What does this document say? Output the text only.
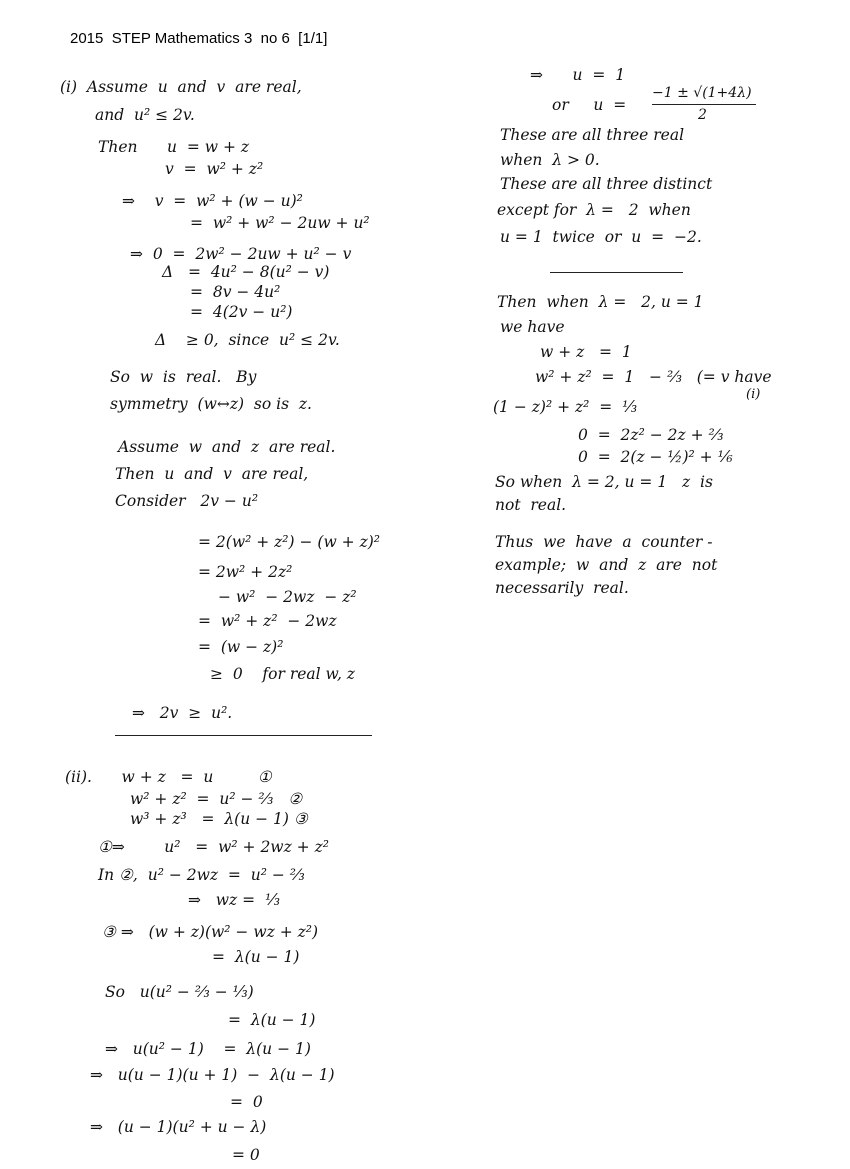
2015  STEP Mathematics 3  no 6  [1/1]
(i)  Assume  u  and  v  are real,
and  u² ≤ 2v.
Then      u  = w + z
v  =  w² + z²
⇒    v  =  w² + (w − u)²
=  w² + w² − 2uw + u²
⇒  0  =  2w² − 2uw + u² − v
Δ   =  4u² − 8(u² − v)
=  8v − 4u²
=  4(2v − u²)
Δ    ≥ 0,  since  u² ≤ 2v.
So  w  is  real.   By
symmetry  (w↔z)  so is  z.
Assume  w  and  z  are real.
Then  u  and  v  are real,
Consider   2v − u²
= 2(w² + z²) − (w + z)²
= 2w² + 2z²
− w²  − 2wz  − z²
=  w² + z²  − 2wz
=  (w − z)²
≥  0    for real w, z
⇒   2v  ≥  u².
(ii).      w + z   =  u         ①
w² + z²  =  u² − ⅔   ②
w³ + z³   =  λ(u − 1) ③
①⇒        u²   =  w² + 2wz + z²
In ②,  u² − 2wz  =  u² − ⅔
⇒   wz =  ⅓
③ ⇒   (w + z)(w² − wz + z²)
=  λ(u − 1)
So   u(u² − ⅔ − ⅓)
=  λ(u − 1)
⇒   u(u² − 1)    =  λ(u − 1)
⇒   u(u − 1)(u + 1)  −  λ(u − 1)
=  0
⇒   (u − 1)(u² + u − λ)
= 0
⇒      u  =  1
or     u  =
−1 ± √(1+4λ)
2
These are all three real
when  λ > 0.
These are all three distinct
except for  λ =   2  when
u = 1  twice  or  u  =  −2.
Then  when  λ =   2, u = 1
we have
w + z   =  1
w² + z²  =  1   − ⅔   (= v have
(i)
(1 − z)² + z²  =  ⅓
0  =  2z² − 2z + ⅔
0  =  2(z − ½)² + ⅙
So when  λ = 2, u = 1   z  is
not  real.
Thus  we  have  a  counter -
example;  w  and  z  are  not
necessarily  real.
